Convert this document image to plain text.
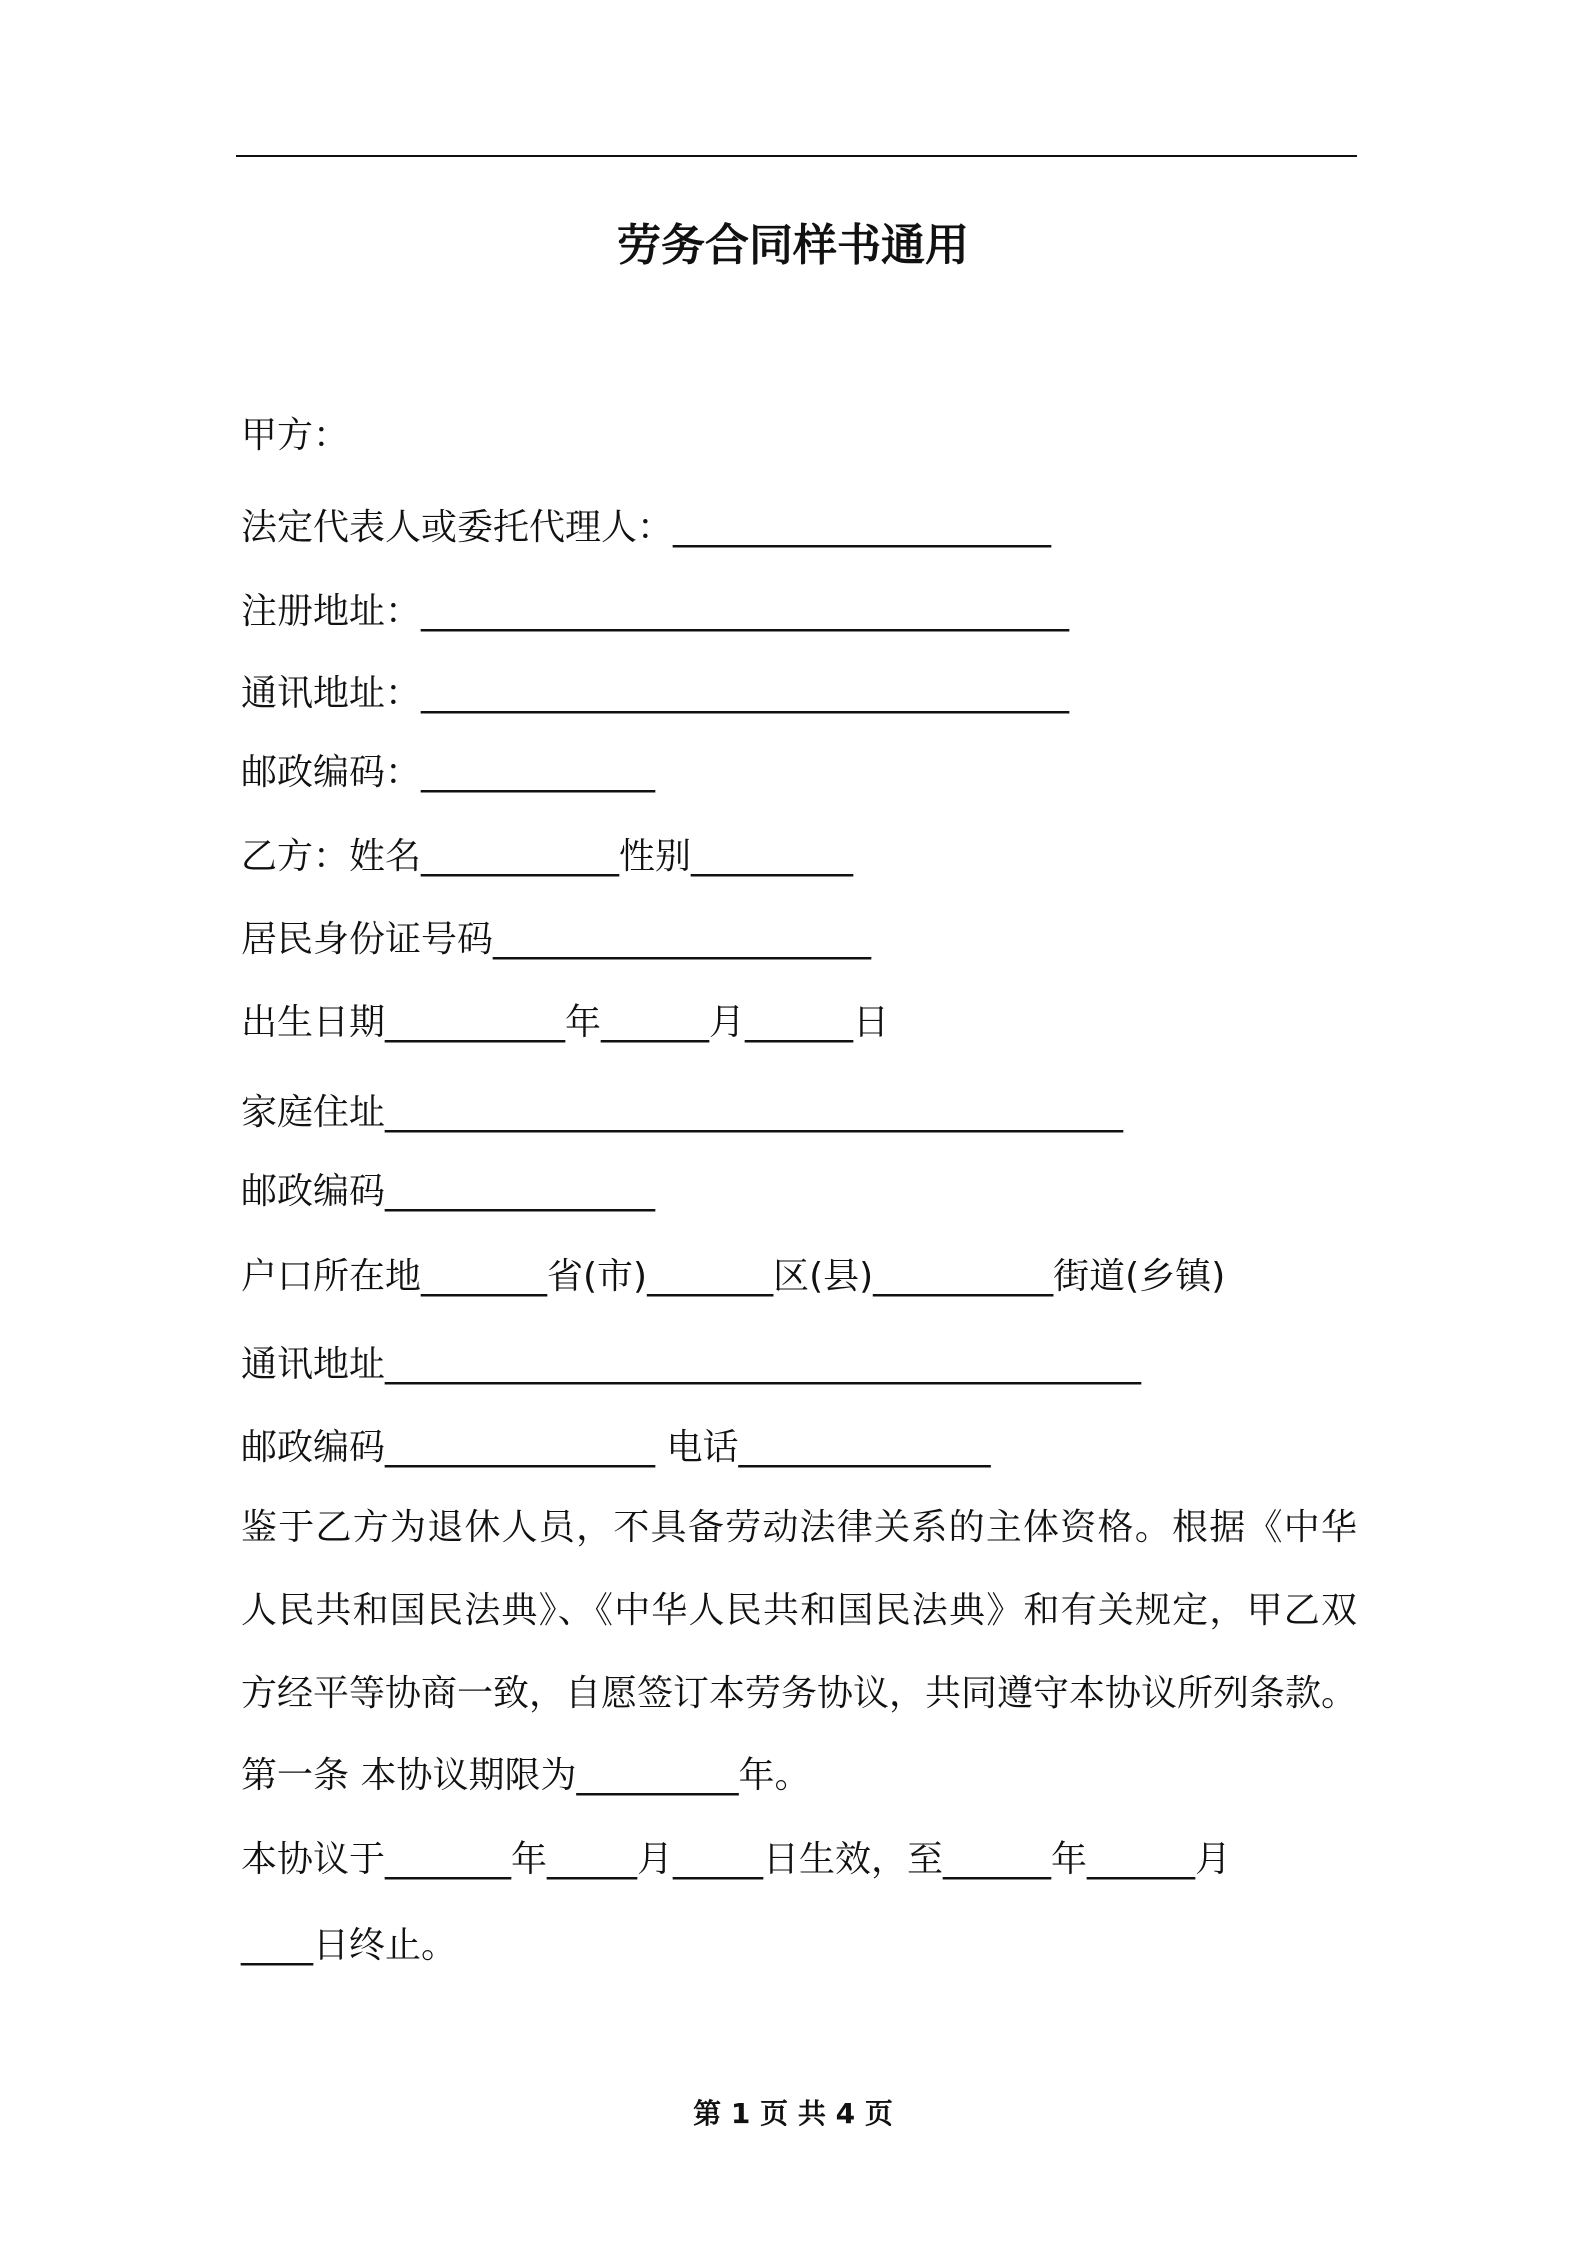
劳务合同样书通用
甲方：
法定代表人或委托代理人：_____________________
注册地址：____________________________________
通讯地址：____________________________________
邮政编码：_____________
乙方：姓名___________性别_________
居民身份证号码_____________________
出生日期__________年______月______日
家庭住址_________________________________________
邮政编码_______________
户口所在地_______省(市)_______区(县)__________街道(乡镇)
通讯地址__________________________________________
邮政编码_______________ 电话______________
鉴于乙方为退休人员，不具备劳动法律关系的主体资格。根据《中华
人民共和国民法典》、《中华人民共和国民法典》和有关规定，甲乙双
方经平等协商一致，自愿签订本劳务协议，共同遵守本协议所列条款。
第一条 本协议期限为_________年。
本协议于_______年_____月_____日生效，至______年______月
____日终止。
第 1 页 共 4 页
